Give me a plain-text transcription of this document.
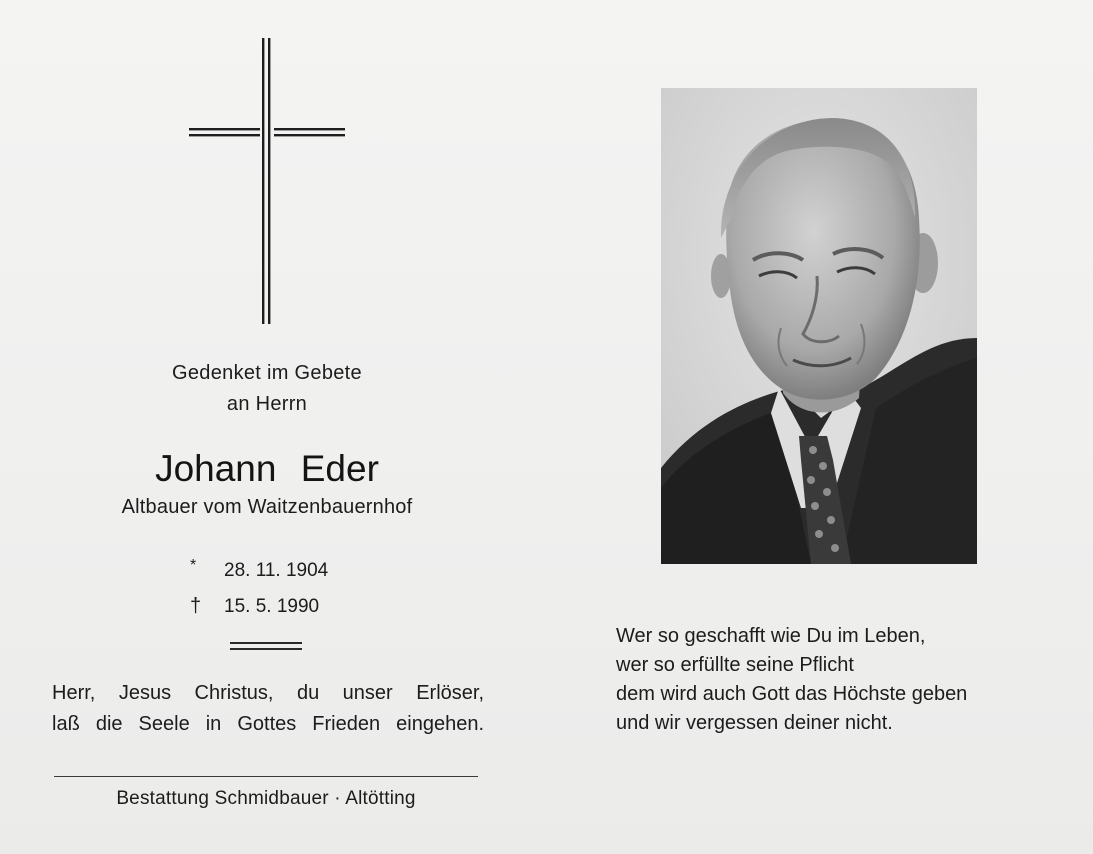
Gedenket im Gebete
an Herrn
Johann Eder
Altbauer vom Waitzenbauernhof
*	28. 11. 1904
†	15. 5. 1990
Herr, Jesus Christus, du unser Erlöser,
laß die Seele in Gottes Frieden eingehen.
Bestattung Schmidbauer · Altötting
Wer so geschafft wie Du im Leben,
wer so erfüllte seine Pflicht
dem wird auch Gott das Höchste geben
und wir vergessen deiner nicht.
